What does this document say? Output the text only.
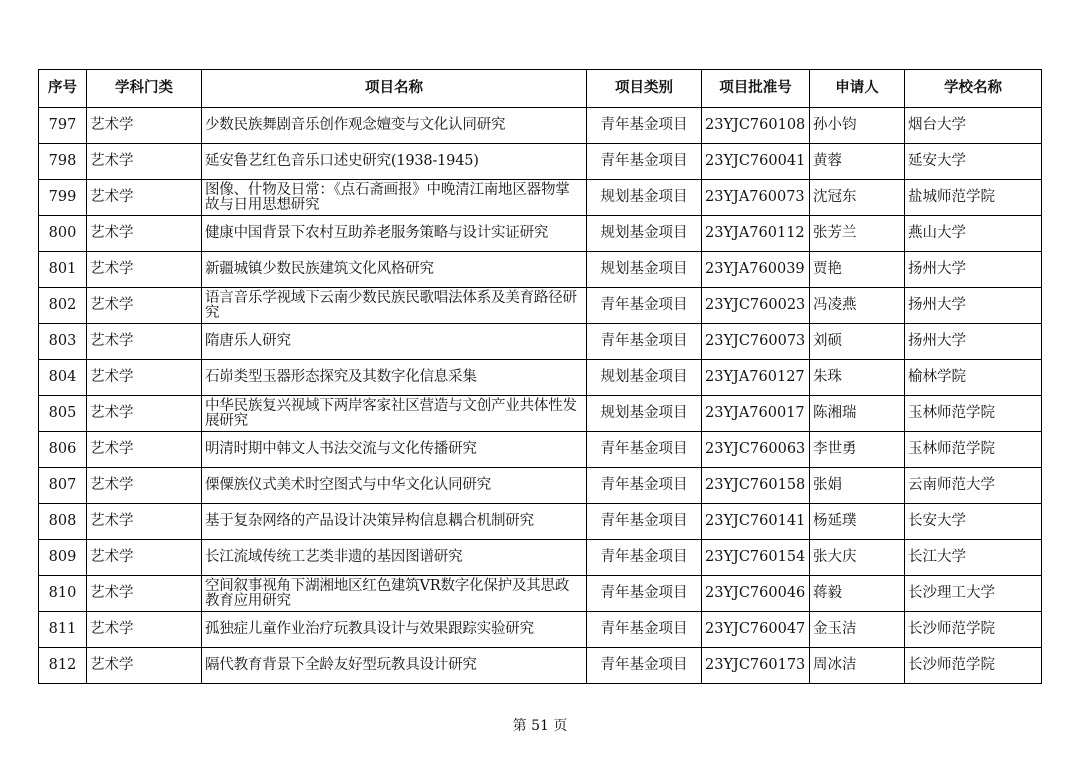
序号	学科门类	项目名称	项目类别	项目批准号	申请人	学校名称
797	艺术学	少数民族舞剧音乐创作观念嬗变与文化认同研究	青年基金项目	23YJC760108	孙小钧	烟台大学
798	艺术学	延安鲁艺红色音乐口述史研究(1938-1945)	青年基金项目	23YJC760041	黄蓉	延安大学
799	艺术学	图像、什物及日常：《点石斋画报》中晚清江南地区器物掌故与日用思想研究	规划基金项目	23YJA760073	沈冠东	盐城师范学院
800	艺术学	健康中国背景下农村互助养老服务策略与设计实证研究	规划基金项目	23YJA760112	张芳兰	燕山大学
801	艺术学	新疆城镇少数民族建筑文化风格研究	规划基金项目	23YJA760039	贾艳	扬州大学
802	艺术学	语言音乐学视域下云南少数民族民歌唱法体系及美育路径研究	青年基金项目	23YJC760023	冯凌燕	扬州大学
803	艺术学	隋唐乐人研究	青年基金项目	23YJC760073	刘硕	扬州大学
804	艺术学	石峁类型玉器形态探究及其数字化信息采集	规划基金项目	23YJA760127	朱珠	榆林学院
805	艺术学	中华民族复兴视域下两岸客家社区营造与文创产业共体性发展研究	规划基金项目	23YJA760017	陈湘瑞	玉林师范学院
806	艺术学	明清时期中韩文人书法交流与文化传播研究	青年基金项目	23YJC760063	李世勇	玉林师范学院
807	艺术学	傈僳族仪式美术时空图式与中华文化认同研究	青年基金项目	23YJC760158	张娟	云南师范大学
808	艺术学	基于复杂网络的产品设计决策异构信息耦合机制研究	青年基金项目	23YJC760141	杨延璞	长安大学
809	艺术学	长江流域传统工艺类非遗的基因图谱研究	青年基金项目	23YJC760154	张大庆	长江大学
810	艺术学	空间叙事视角下湖湘地区红色建筑VR数字化保护及其思政教育应用研究	青年基金项目	23YJC760046	蒋毅	长沙理工大学
811	艺术学	孤独症儿童作业治疗玩教具设计与效果跟踪实验研究	青年基金项目	23YJC760047	金玉洁	长沙师范学院
812	艺术学	隔代教育背景下全龄友好型玩教具设计研究	青年基金项目	23YJC760173	周冰洁	长沙师范学院
第 51 页
